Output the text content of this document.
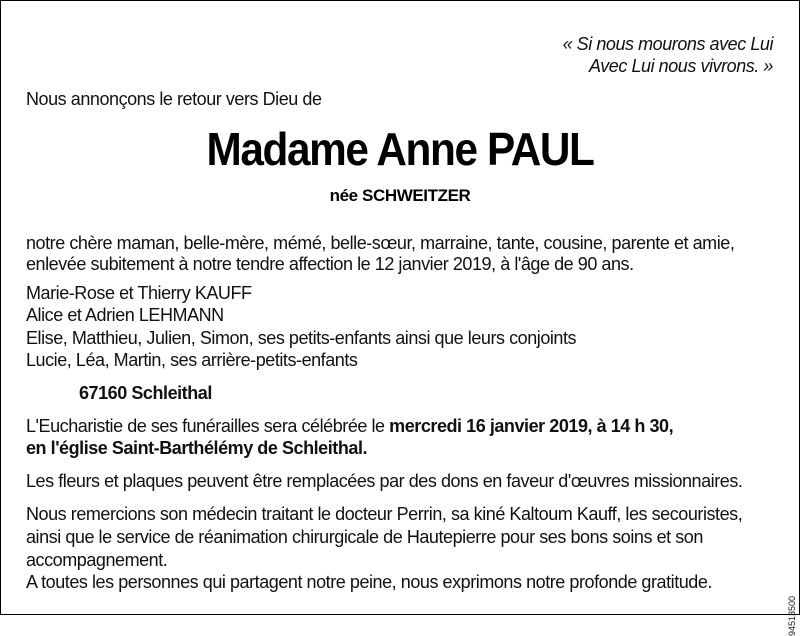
« Si nous mourons avec Lui
Avec Lui nous vivrons. »
Nous annonçons le retour vers Dieu de
Madame Anne PAUL
née SCHWEITZER
notre chère maman, belle-mère, mémé, belle-sœur, marraine, tante, cousine, parente et amie,
enlevée subitement à notre tendre affection le 12 janvier 2019, à l'âge de 90 ans.
Marie-Rose et Thierry KAUFF
Alice et Adrien LEHMANN
Elise, Matthieu, Julien, Simon, ses petits-enfants ainsi que leurs conjoints
Lucie, Léa, Martin, ses arrière-petits-enfants
67160 Schleithal
L'Eucharistie de ses funérailles sera célébrée le mercredi 16 janvier 2019, à 14 h 30,
en l'église Saint-Barthélémy de Schleithal.
Les fleurs et plaques peuvent être remplacées par des dons en faveur d'œuvres missionnaires.
Nous remercions son médecin traitant le docteur Perrin, sa kiné Kaltoum Kauff, les secouristes,
ainsi que le service de réanimation chirurgicale de Hautepierre pour ses bons soins et son
accompagnement.
A toutes les personnes qui partagent notre peine, nous exprimons notre profonde gratitude.
94513500
